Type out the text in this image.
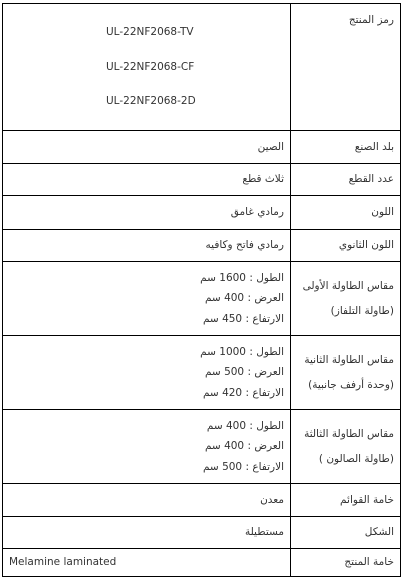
رمز المنتج	UL-22NF2068-TV
UL-22NF2068-CF
UL-22NF2068-2D

بلد الصنع	الصين
عدد القطع	ثلاث قطع
اللون	رمادي غامق
اللون الثانوي	رمادي فاتح وكافيه

مقاس الطاولة الأولى
(طاولة التلفاز)	الطول : 1600 سم
العرض : 400 سم
الارتفاع : 450 سم

مقاس الطاولة الثانية
(وحدة أرفف جانبية)	الطول : 1000 سم
العرض : 500 سم
الارتفاع : 420 سم

مقاس الطاولة الثالثة
(طاولة الصالون )	الطول : 400 سم
العرض : 400 سم
الارتفاع : 500 سم

خامة القوائم	معدن
الشكل	مستطيلة
خامة المنتج	Melamine laminated
